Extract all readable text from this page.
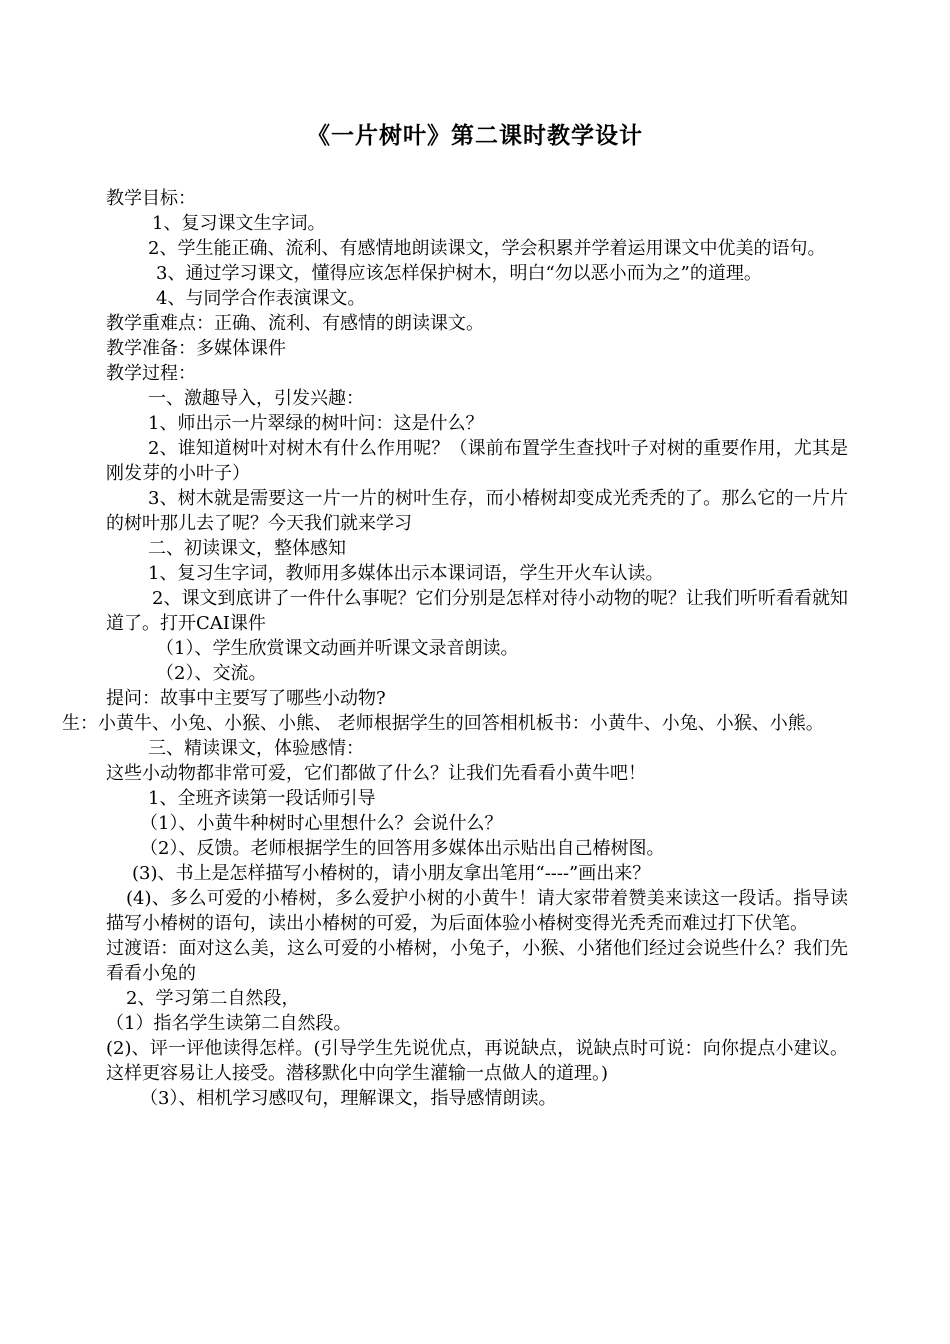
《一片树叶》第二课时教学设计

教学目标：

1、复习课文生字词。

2、学生能正确、流利、有感情地朗读课文，学会积累并学着运用课文中优美的语句。

3、通过学习课文，懂得应该怎样保护树木，明白“勿以恶小而为之”的道理。

4、与同学合作表演课文。

教学重难点：正确、流利、有感情的朗读课文。

教学准备：多媒体课件

教学过程：

一、激趣导入，引发兴趣：

1、师出示一片翠绿的树叶问：这是什么？

2、谁知道树叶对树木有什么作用呢？（课前布置学生查找叶子对树的重要作用，尤其是刚发芽的小叶子）

3、树木就是需要这一片一片的树叶生存，而小椿树却变成光秃秃的了。那么它的一片片的树叶那儿去了呢？今天我们就来学习

二、初读课文，整体感知

1、复习生字词，教师用多媒体出示本课词语，学生开火车认读。

2、课文到底讲了一件什么事呢？它们分别是怎样对待小动物的呢？让我们听听看看就知道了。打开CAI课件

（1）、学生欣赏课文动画并听课文录音朗读。

（2）、交流。

提问：故事中主要写了哪些小动物?

生：小黄牛、小兔、小猴、小熊、 老师根据学生的回答相机板书：小黄牛、小兔、小猴、小熊。

三、精读课文，体验感情：

这些小动物都非常可爱，它们都做了什么？让我们先看看小黄牛吧！

1、全班齐读第一段话师引导

（1）、小黄牛种树时心里想什么？会说什么？

（2）、反馈。老师根据学生的回答用多媒体出示贴出自己椿树图。

(3)、书上是怎样描写小椿树的，请小朋友拿出笔用“----”画出来？

(4)、多么可爱的小椿树，多么爱护小树的小黄牛！请大家带着赞美来读这一段话。指导读描写小椿树的语句，读出小椿树的可爱，为后面体验小椿树变得光秃秃而难过打下伏笔。

过渡语：面对这么美，这么可爱的小椿树，小兔子，小猴、小猪他们经过会说些什么？我们先看看小兔的

2、学习第二自然段，

（1）指名学生读第二自然段。

(2)、评一评他读得怎样。(引导学生先说优点，再说缺点，说缺点时可说：向你提点小建议。这样更容易让人接受。潜移默化中向学生灌输一点做人的道理。)

（3）、相机学习感叹句，理解课文，指导感情朗读。
